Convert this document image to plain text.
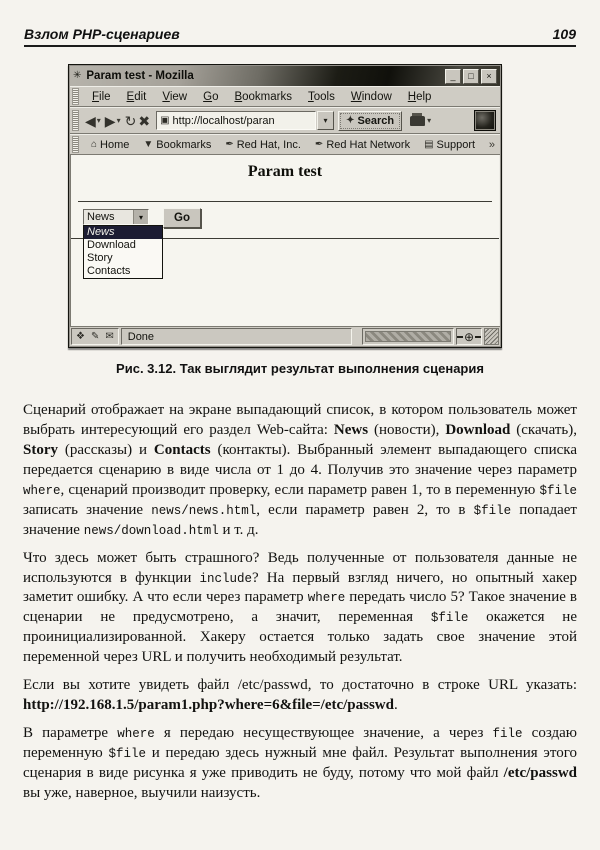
Взлом PHP-сценариев	109
✳ Param test - Mozilla	_	□	×
File Edit View Go Bookmarks Tools Window Help
◀ ▾ ▶ ▾ ↻ ✖ ▣ http://localhost/paran	▾	✦ Search	▾
⌂ Home ▼ Bookmarks ✒ Red Hat, Inc. ✒ Red Hat Network ▤ Support »
Param test
News	▾	Go
News
Download
Story
Contacts
❖ ✎ ✉	Done	⊕
Рис. 3.12. Так выглядит результат выполнения сценария

Сценарий отображает на экране выпадающий список, в котором пользователь может выбрать интересующий его раздел Web-сайта: News (новости), Download (скачать), Story (рассказы) и Contacts (контакты). Выбранный элемент выпадающего списка передается сценарию в виде числа от 1 до 4. Получив это значение через параметр where, сценарий производит проверку, если параметр равен 1, то в переменную $file записать значение news/news.html, если параметр равен 2, то в $file попадает значение news/download.html и т. д.

Что здесь может быть страшного? Ведь полученные от пользователя данные не используются в функции include? На первый взгляд ничего, но опытный хакер заметит ошибку. А что если через параметр where передать число 5? Такое значение в сценарии не предусмотрено, а значит, переменная $file окажется не проинициализированной. Хакеру остается только задать свое значение этой переменной через URL и получить необходимый результат.

Если вы хотите увидеть файл /etc/passwd, то достаточно в строке URL указать: http://192.168.1.5/param1.php?where=6&file=/etc/passwd.

В параметре where я передаю несуществующее значение, а через file создаю переменную $file и передаю здесь нужный мне файл. Результат выполнения этого сценария в виде рисунка я уже приводить не буду, потому что мой файл /etc/passwd вы уже, наверное, выучили наизусть.
